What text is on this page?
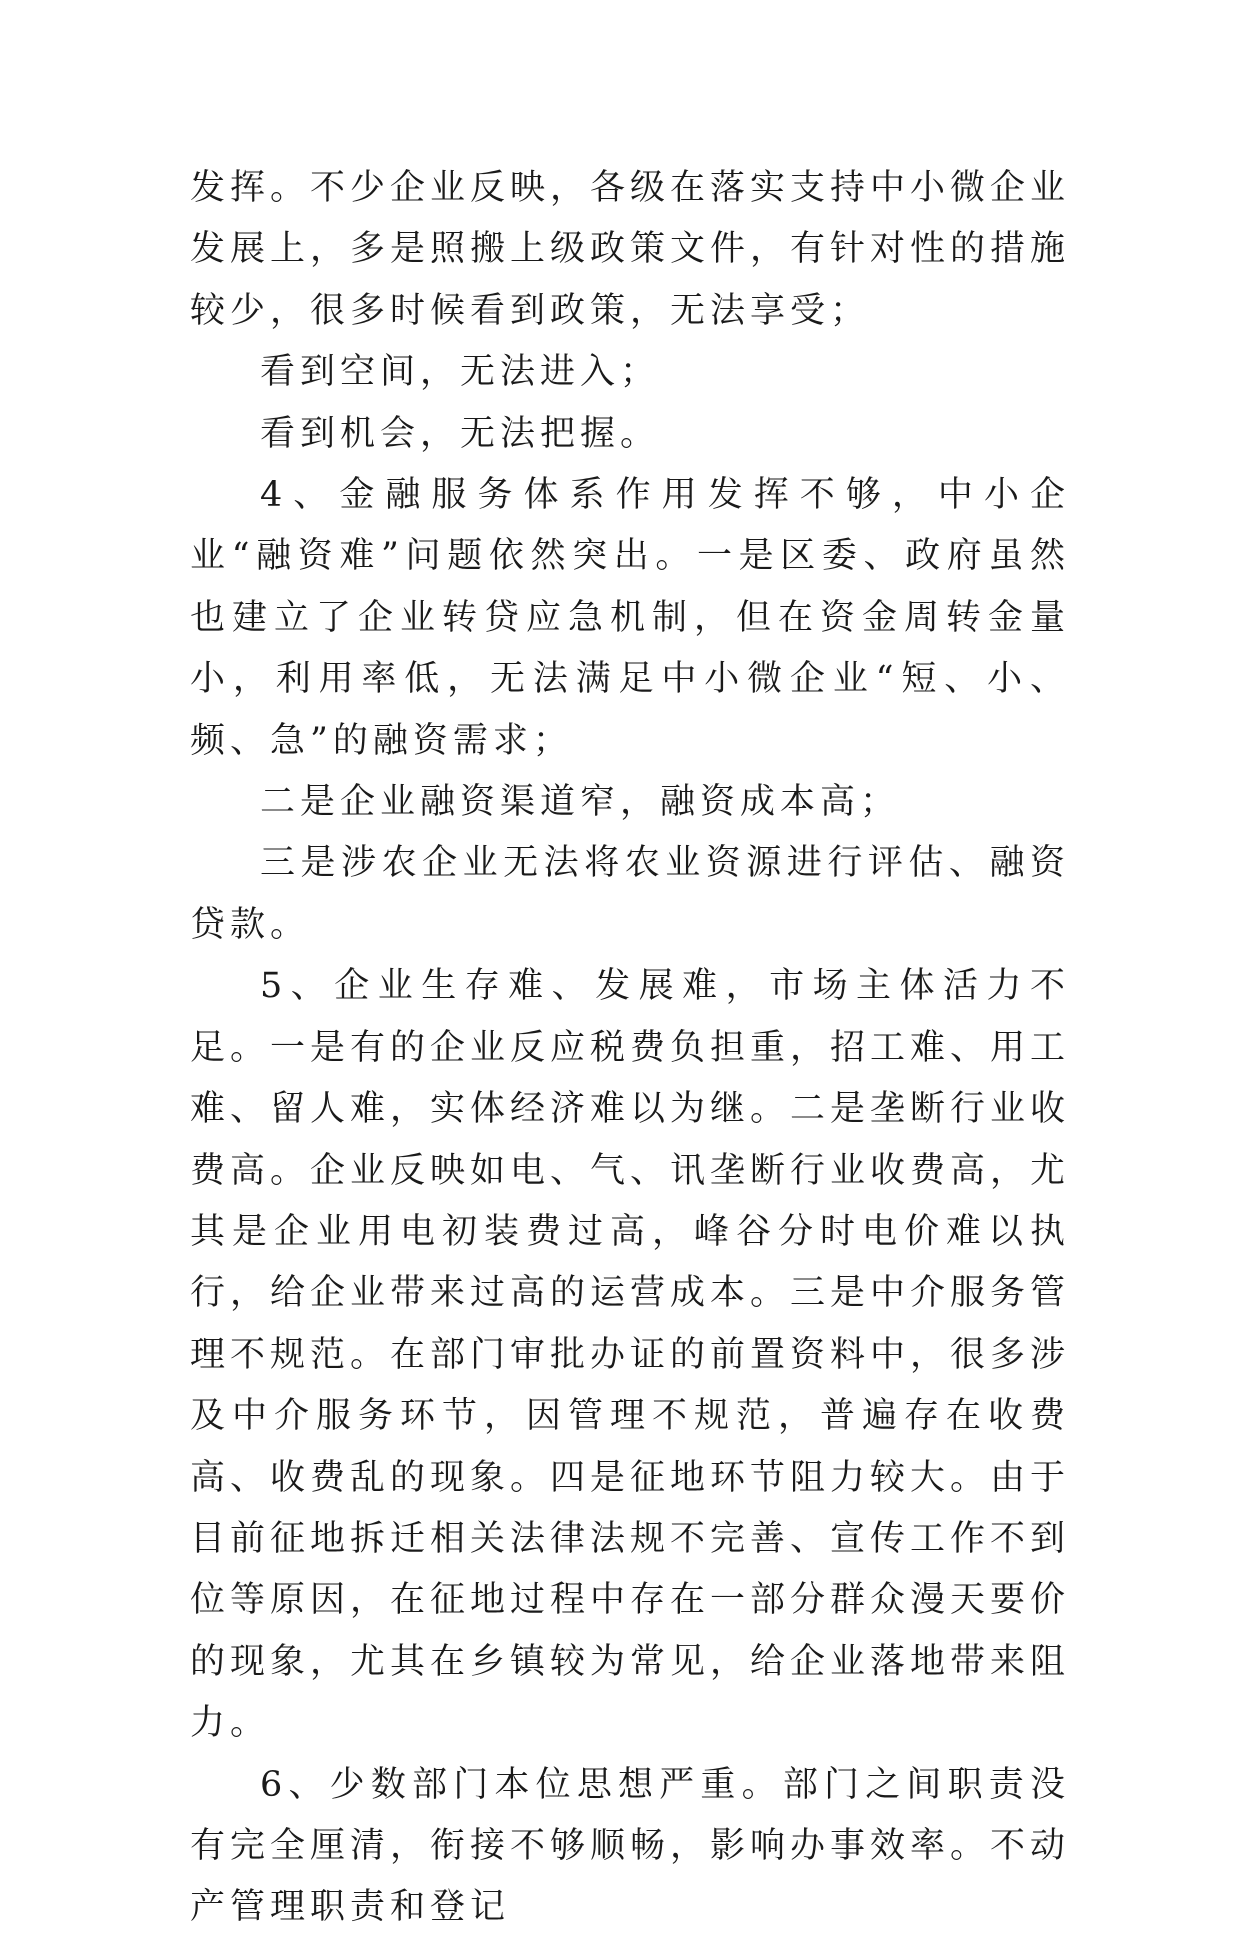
发挥。不少企业反映，各级在落实支持中小微企业发展上，多是照搬上级政策文件，有针对性的措施较少，很多时候看到政策，无法享受；

看到空间，无法进入；

看到机会，无法把握。

4、金融服务体系作用发挥不够，中小企业“融资难”问题依然突出。一是区委、政府虽然也建立了企业转贷应急机制，但在资金周转金量小，利用率低，无法满足中小微企业“短、小、频、急”的融资需求；

二是企业融资渠道窄，融资成本高；

三是涉农企业无法将农业资源进行评估、融资贷款。

5、企业生存难、发展难，市场主体活力不足。一是有的企业反应税费负担重，招工难、用工难、留人难，实体经济难以为继。二是垄断行业收费高。企业反映如电、气、讯垄断行业收费高，尤其是企业用电初装费过高，峰谷分时电价难以执行，给企业带来过高的运营成本。三是中介服务管理不规范。在部门审批办证的前置资料中，很多涉及中介服务环节，因管理不规范，普遍存在收费高、收费乱的现象。四是征地环节阻力较大。由于目前征地拆迁相关法律法规不完善、宣传工作不到位等原因，在征地过程中存在一部分群众漫天要价的现象，尤其在乡镇较为常见，给企业落地带来阻力。

6、少数部门本位思想严重。部门之间职责没有完全厘清，衔接不够顺畅，影响办事效率。不动产管理职责和登记
